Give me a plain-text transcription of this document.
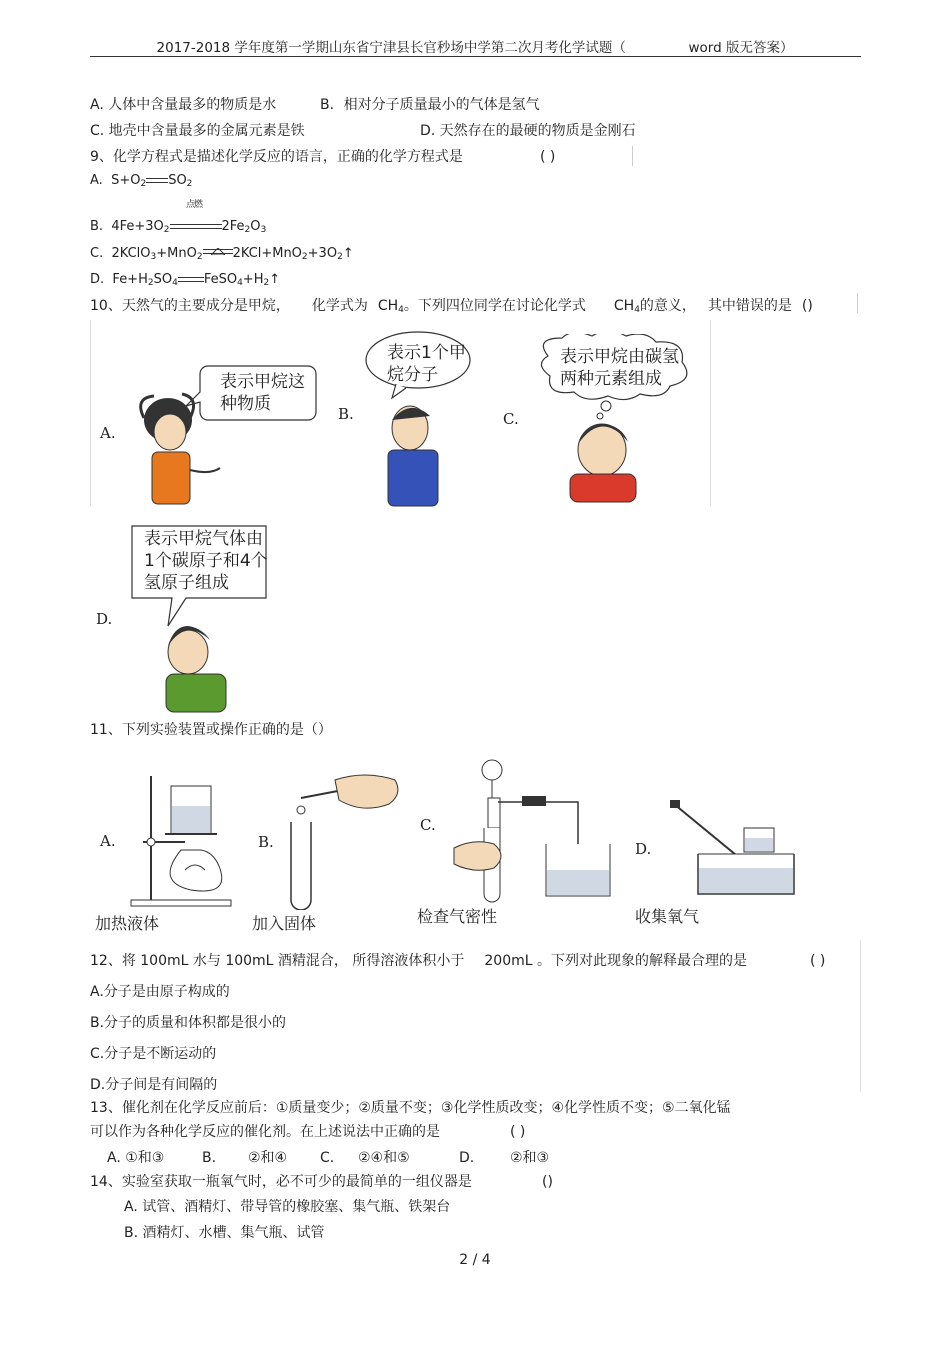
2017-2018 学年度第一学期山东省宁津县长官秒场中学第二次月考化学试题（	word 版无答案）
A. 人体中含量最多的物质是水	B．相对分子质量最小的气体是氢气
C. 地壳中含量最多的金属元素是铁	D. 天然存在的最硬的物质是金刚石
9、化学方程式是描述化学反应的语言，正确的化学方程式是	( )
A. $S+O_2$ $SO_2$
点燃
B. $4Fe+3O_2$	$2Fe_2O_3$
C. 2KClO$_3$+MnO$_2$ $2KCl+MnO_2+3O_2↑$
D. $Fe+H_2SO_4$ $FeSO_4+H_2↑$
10、天然气的主要成分是甲烷， 化学式为 $CH_4$。下列四位同学在讨论化学式 $CH_4$的意义， 其中错误的是 ()
A.
表示甲烷这
种物质	B.
表示1个甲
烷分子
C.
表示甲烷由碳氢
两种元素组成
D.
表示甲烷气体由
1个碳原子和4个
氢原子组成
11、下列实验装置或操作正确的是（）
A.
加热液体
B.
加入固体
C.
检查气密性
D.
收集氧气
12、将 100mL 水与 100mL 酒精混合， 所得溶液体积小于 200mL 。下列对此现象的解释最合理的是	( )
A.分子是由原子构成的
B.分子的质量和体积都是很小的
C.分子是不断运动的
D.分子间是有间隔的
13、催化剂在化学反应前后：①质量变少；②质量不变；③化学性质改变；④化学性质不变；⑤二氧化锰
可以作为各种化学反应的催化剂。在上述说法中正确的是	( )
A. ①和③	B. ②和④ C. ②④和⑤	D.	②和③
14、实验室获取一瓶氧气时，必不可少的最简单的一组仪器是	()
A. 试管、酒精灯、带导管的橡胶塞、集气瓶、铁架台
B. 酒精灯、水槽、集气瓶、试管
2 / 4
